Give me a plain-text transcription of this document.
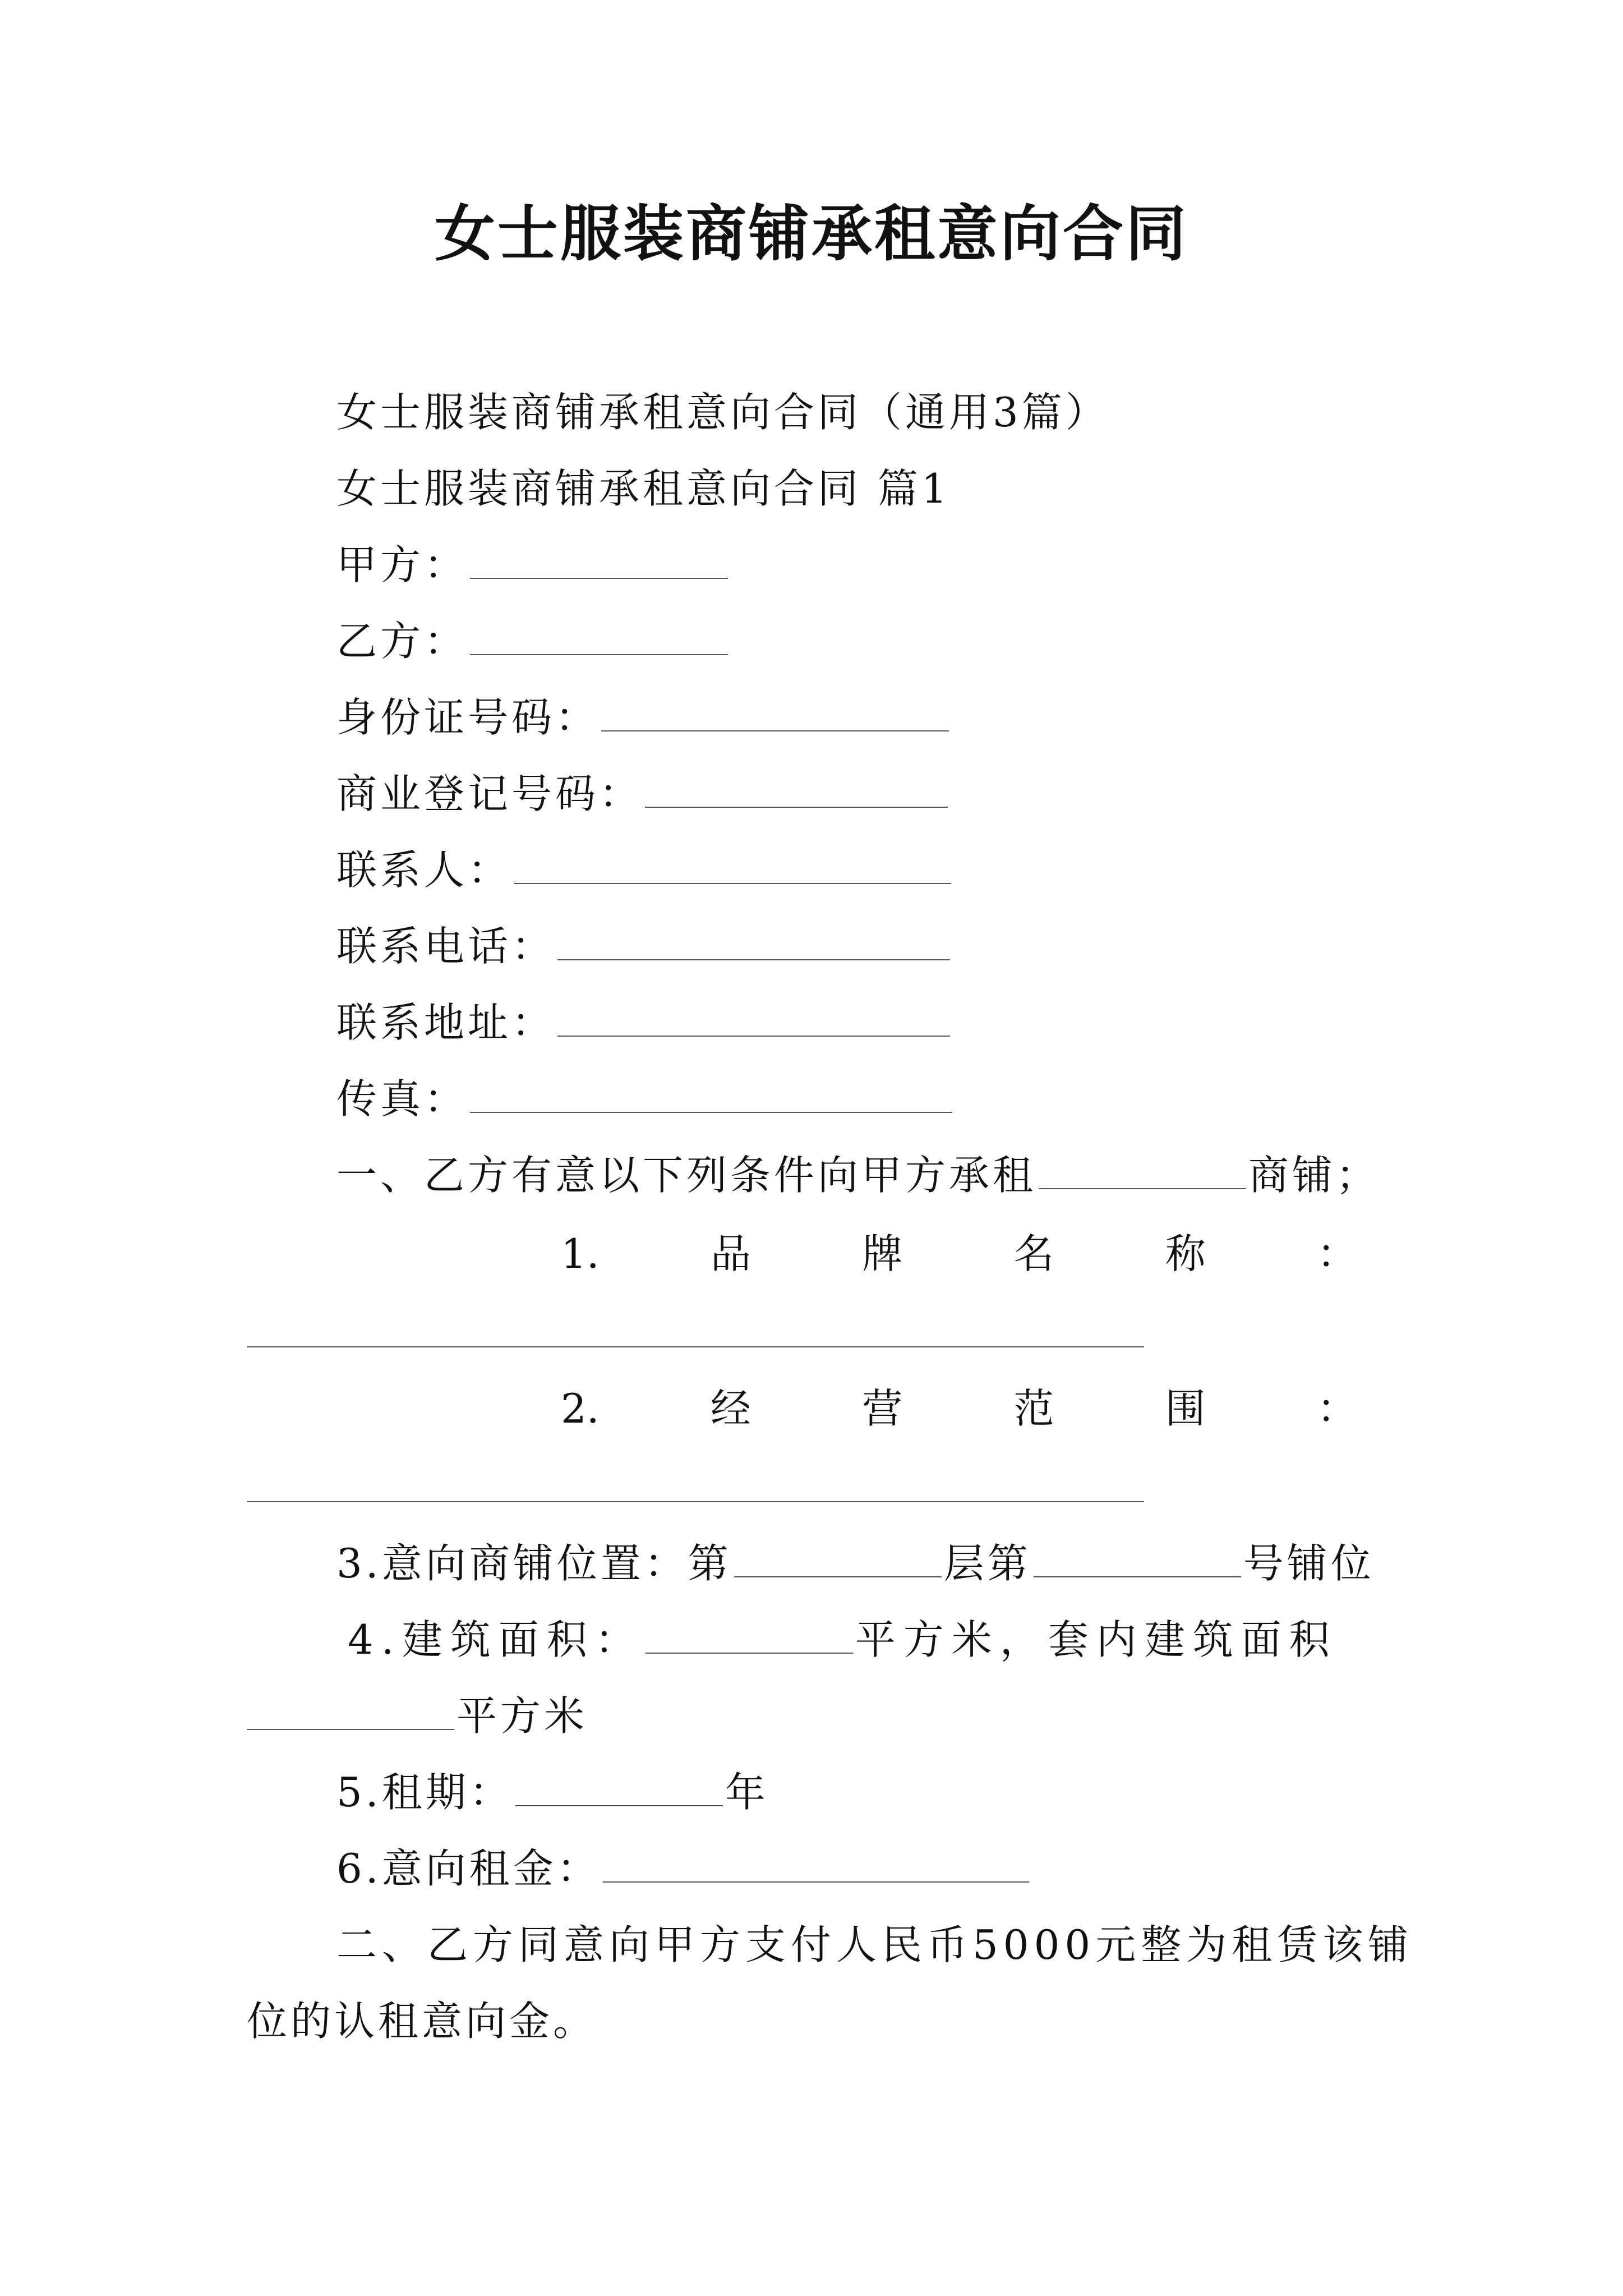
女士服装商铺承租意向合同
女士服装商铺承租意向合同（通用3篇）
女士服装商铺承租意向合同 篇1
甲方：
乙方：
身份证号码：
商业登记号码：
联系人：
联系电话：
联系地址：
传真：
一、乙方有意以下列条件向甲方承租	商铺；
1.	品	牌	名	称	：
2.	经	营	范	围	：
3.意向商铺位置：第	层第	号铺位
4.建筑面积：	平方米，套内建筑面积
平方米
5.租期：	年
6.意向租金：
二、乙方同意向甲方支付人民币5000元整为租赁该铺
位的认租意向金。
